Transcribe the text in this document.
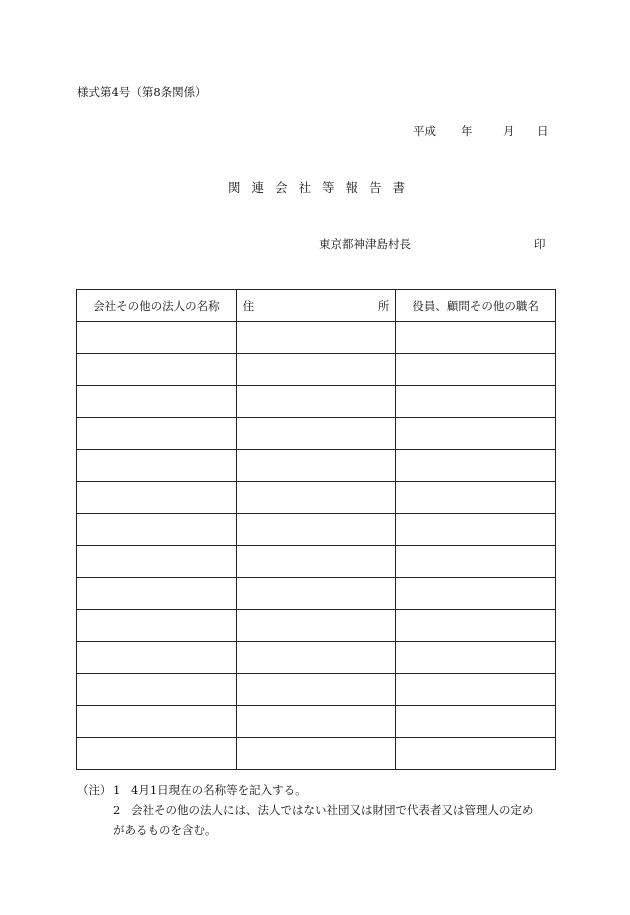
様式第4号（第8条関係）
平成 年	月 日
関連会社等報告書
東京都神津島村長	印
会社その他の法人の名称	住 所	役員、顧問その他の職名

（注） 1 4月1日現在の名称等を記入する。
2 会社その他の法人には、法人ではない社団又は財団で代表者又は管理人の定め
があるものを含む。
